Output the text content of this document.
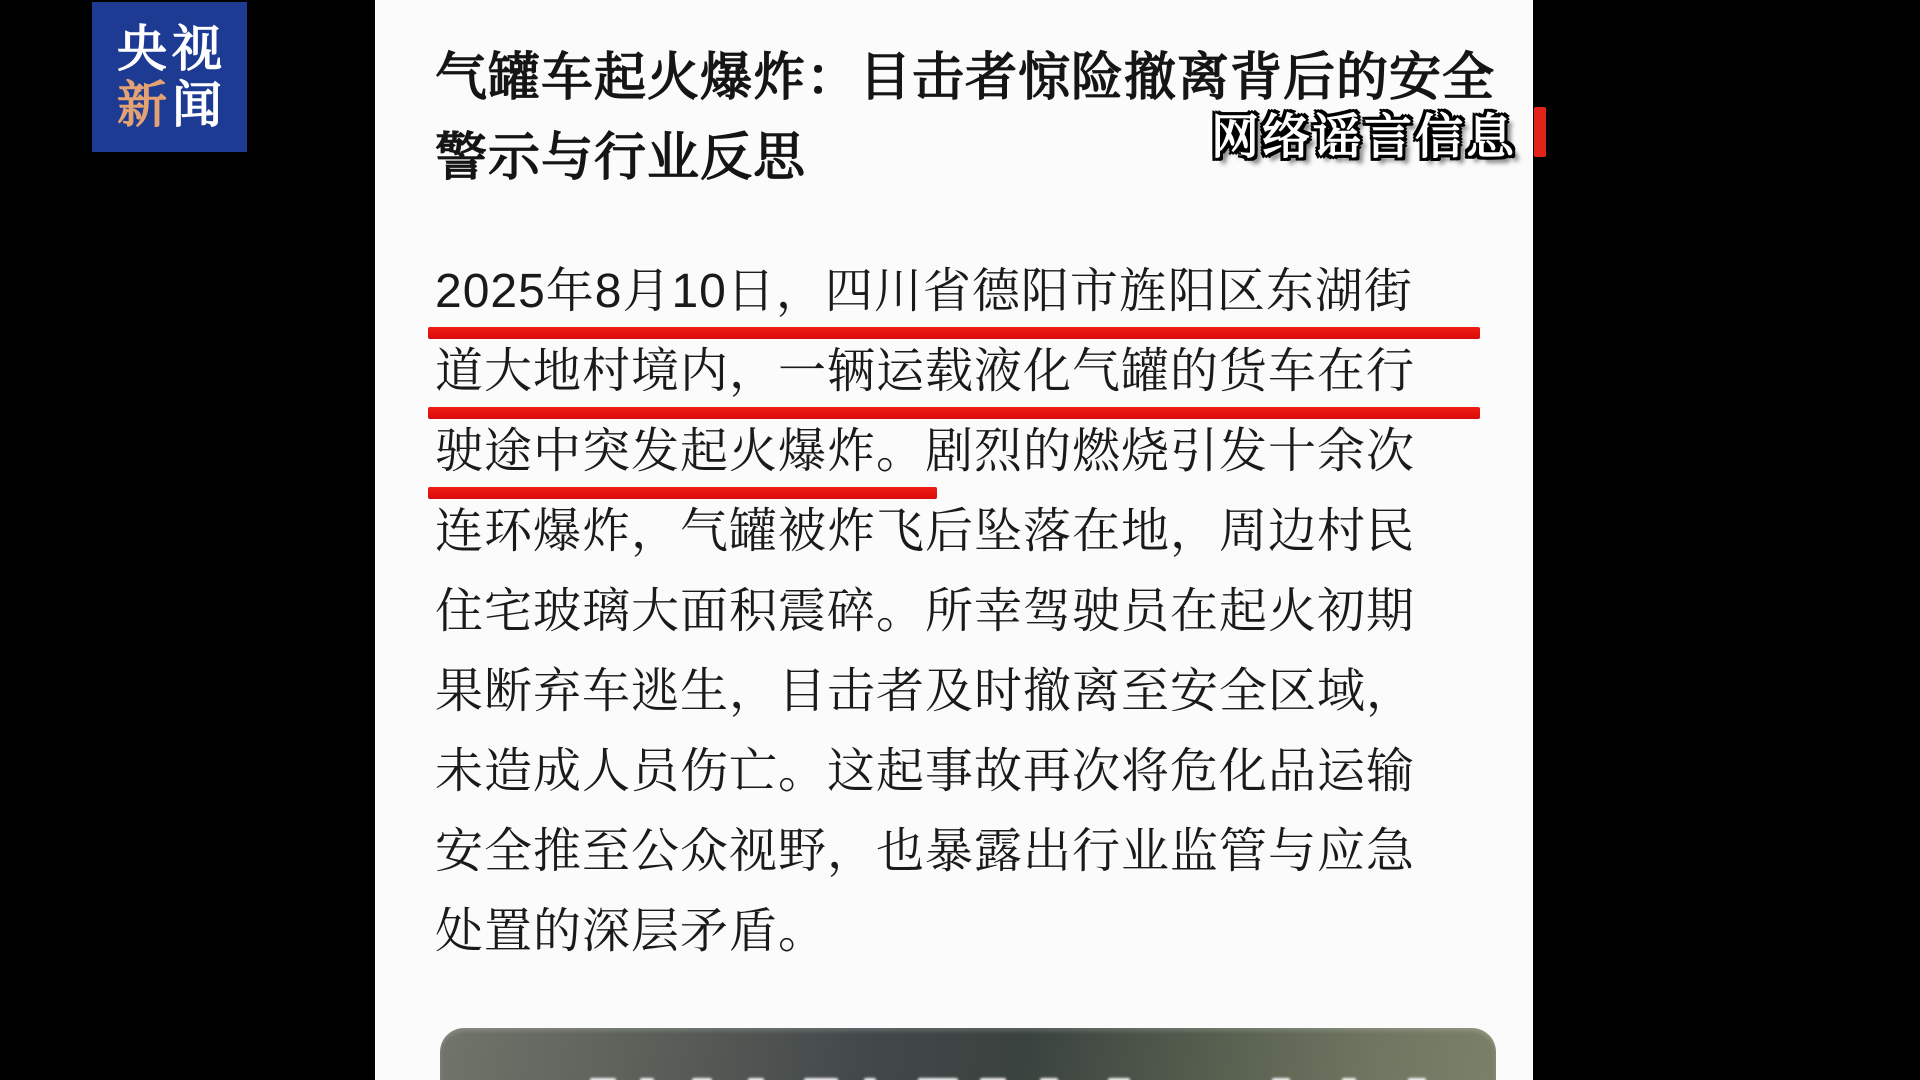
央视
新闻	气罐车起火爆炸：目击者惊险撤离背后的安全
警示与行业反思	网络谣言信息
2025年8月10日，四川省德阳市旌阳区东湖街
道大地村境内，一辆运载液化气罐的货车在行
驶途中突发起火爆炸。剧烈的燃烧引发十余次
连环爆炸，气罐被炸飞后坠落在地，周边村民
住宅玻璃大面积震碎。所幸驾驶员在起火初期
果断弃车逃生，目击者及时撤离至安全区域，
未造成人员伤亡。这起事故再次将危化品运输
安全推至公众视野，也暴露出行业监管与应急
处置的深层矛盾。
